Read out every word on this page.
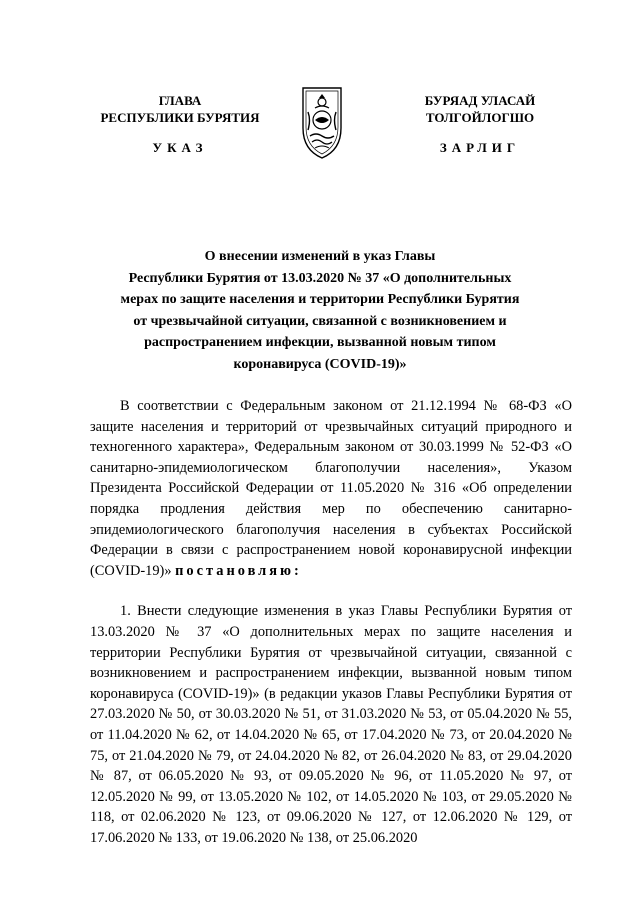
ГЛАВА
РЕСПУБЛИКИ БУРЯТИЯ
УКАЗ
БУРЯАД УЛАСАЙ
ТОЛГОЙЛОГШО
ЗАРЛИГ
О внесении изменений в указ Главы
Республики Бурятия от 13.03.2020 № 37 «О дополнительных
мерах по защите населения и территории Республики Бурятия
от чрезвычайной ситуации, связанной с возникновением и
распространением инфекции, вызванной новым типом
коронавируса (COVID-19)»

В соответствии с Федеральным законом от 21.12.1994 № 68-ФЗ «О защите населения и территорий от чрезвычайных ситуаций природного и техногенного характера», Федеральным законом от 30.03.1999 № 52-ФЗ «О санитарно-эпидемиологическом благополучии населения», Указом Президента Российской Федерации от 11.05.2020 № 316 «Об определении порядка продления действия мер по обеспечению санитарно-эпидемиологического благополучия населения в субъектах Российской Федерации в связи с распространением новой коронавирусной инфекции (COVID-19)» постановляю:

1. Внести следующие изменения в указ Главы Республики Бурятия от 13.03.2020 № 37 «О дополнительных мерах по защите населения и территории Республики Бурятия от чрезвычайной ситуации, связанной с возникновением и распространением инфекции, вызванной новым типом коронавируса (COVID-19)» (в редакции указов Главы Республики Бурятия от 27.03.2020 № 50, от 30.03.2020 № 51, от 31.03.2020 № 53, от 05.04.2020 № 55, от 11.04.2020 № 62, от 14.04.2020 № 65, от 17.04.2020 № 73, от 20.04.2020 № 75, от 21.04.2020 № 79, от 24.04.2020 № 82, от 26.04.2020 № 83, от 29.04.2020 № 87, от 06.05.2020 № 93, от 09.05.2020 № 96, от 11.05.2020 № 97, от 12.05.2020 № 99, от 13.05.2020 № 102, от 14.05.2020 № 103, от 29.05.2020 № 118, от 02.06.2020 № 123, от 09.06.2020 № 127, от 12.06.2020 № 129, от 17.06.2020 № 133, от 19.06.2020 № 138, от 25.06.2020
